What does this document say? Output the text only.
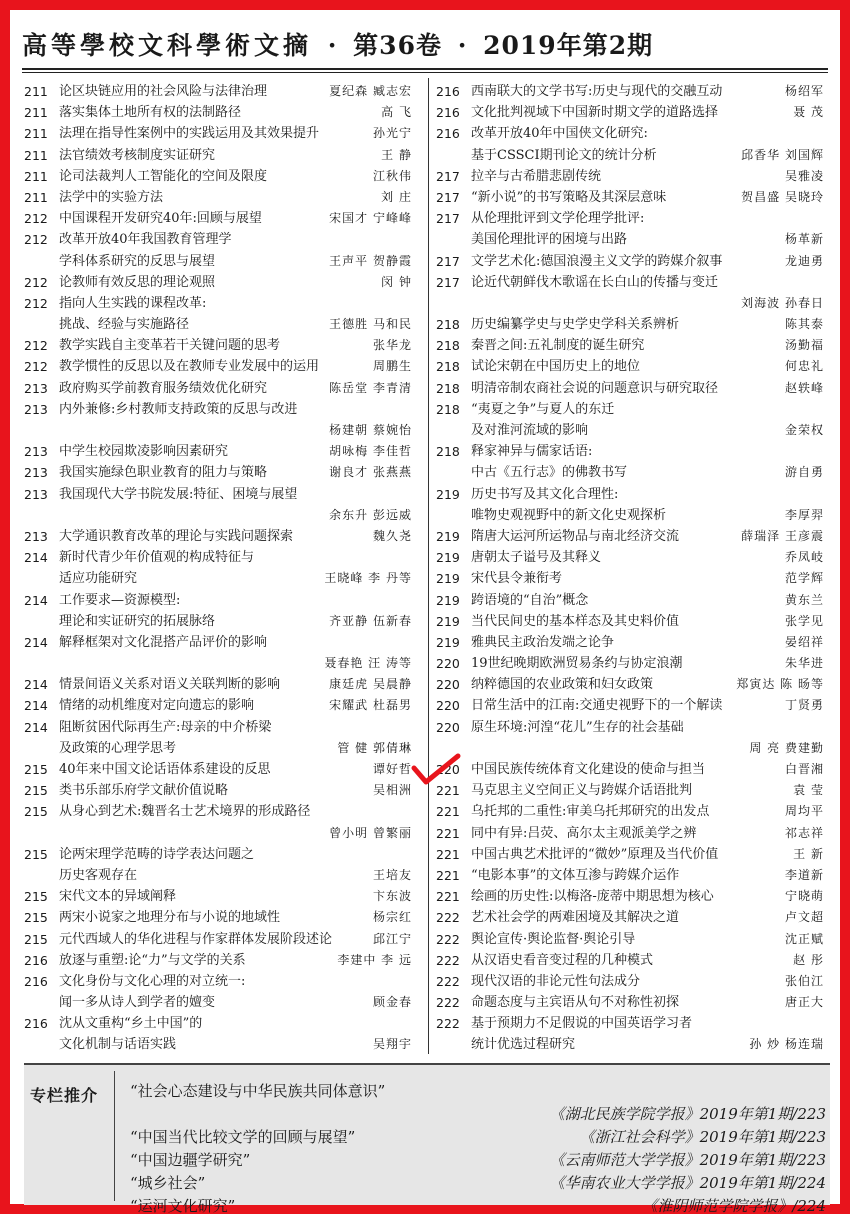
高等學校文科學術文摘 · 第36卷 · 2019年第2期
211 论区块链应用的社会风险与法律治理	夏纪森 臧志宏
211 落实集体土地所有权的法制路径	高 飞
211 法理在指导性案例中的实践运用及其效果提升	孙光宁
211 法官绩效考核制度实证研究	王 静
211 论司法裁判人工智能化的空间及限度	江秋伟
211 法学中的实验方法	刘 庄
212 中国课程开发研究40年:回顾与展望	宋国才 宁峰峰
212 改革开放40年我国教育管理学
学科体系研究的反思与展望	王声平 贺静霞
212 论教师有效反思的理论观照	闵 钟
212 指向人生实践的课程改革:
挑战、经验与实施路径	王德胜 马和民
212 教学实践自主变革若干关键问题的思考	张华龙
212 教学惯性的反思以及在教师专业发展中的运用	周鹏生
213 政府购买学前教育服务绩效优化研究	陈岳堂 李青清
213 内外兼修:乡村教师支持政策的反思与改进
杨建朝 蔡婉怡
213 中学生校园欺凌影响因素研究	胡咏梅 李佳哲
213 我国实施绿色职业教育的阻力与策略	谢良才 张燕燕
213 我国现代大学书院发展:特征、困境与展望
余东升 彭远威
213 大学通识教育改革的理论与实践问题探索	魏久尧
214 新时代青少年价值观的构成特征与
适应功能研究	王晓峰 李 丹等
214 工作要求—资源模型:
理论和实证研究的拓展脉络	齐亚静 伍新春
214 解释框架对文化混搭产品评价的影响
聂春艳 汪 涛等
214 情景间语义关系对语义关联判断的影响	康廷虎 吴晨静
214 情绪的动机维度对定向遗忘的影响	宋耀武 杜磊男
214 阻断贫困代际再生产:母亲的中介桥梁
及政策的心理学思考	管 健 郭倩琳
215 40年来中国文论话语体系建设的反思	谭好哲
215 类书乐部乐府学文献价值说略	吴相洲
215 从身心到艺术:魏晋名士艺术境界的形成路径
曾小明 曾繁丽
215 论两宋理学范畴的诗学表达问题之
历史客观存在	王培友
215 宋代文本的异域阐释	卞东波
215 两宋小说家之地理分布与小说的地域性	杨宗红
215 元代西域人的华化进程与作家群体发展阶段述论	邱江宁
216 放逐与重塑:论“力”与文学的关系	李建中 李 远
216 文化身份与文化心理的对立统一:
闻一多从诗人到学者的嬗变	顾金春
216 沈从文重构“乡土中国”的
文化机制与话语实践	吴翔宇
216 西南联大的文学书写:历史与现代的交融互动	杨绍军
216 文化批判视域下中国新时期文学的道路选择	聂 茂
216 改革开放40年中国侠文化研究:
基于CSSCI期刊论文的统计分析	邱香华 刘国辉
217 拉辛与古希腊悲剧传统	吴雅凌
217 “新小说”的书写策略及其深层意味	贺昌盛 吴晓玲
217 从伦理批评到文学伦理学批评:
美国伦理批评的困境与出路	杨革新
217 文学艺术化:德国浪漫主义文学的跨媒介叙事	龙迪勇
217 论近代朝鲜伐木歌谣在长白山的传播与变迁
刘海波 孙春日
218 历史编纂学史与史学史学科关系辨析	陈其泰
218 秦晋之间:五礼制度的诞生研究	汤勤福
218 试论宋朝在中国历史上的地位	何忠礼
218 明清帝制农商社会说的问题意识与研究取径	赵轶峰
218 “夷夏之争”与夏人的东迁
及对淮河流域的影响	金荣权
218 释家神异与儒家话语:
中古《五行志》的佛教书写	游自勇
219 历史书写及其文化合理性:
唯物史观视野中的新文化史观探析	李厚羿
219 隋唐大运河所运物品与南北经济交流	薛瑞泽 王彦震
219 唐朝太子谥号及其释义	乔凤岐
219 宋代县令兼衔考	范学辉
219 跨语境的“自治”概念	黄东兰
219 当代民间史的基本样态及其史料价值	张学见
219 雅典民主政治发端之论争	晏绍祥
220 19世纪晚期欧洲贸易条约与协定浪潮	朱华进
220 纳粹德国的农业政策和妇女政策	郑寅达 陈 旸等
220 日常生活中的江南:交通史视野下的一个解读	丁贤勇
220 原生环境:河湟“花儿”生存的社会基础
周 亮 费建勤
220 中国民族传统体育文化建设的使命与担当	白晋湘
221 马克思主义空间正义与跨媒介话语批判	袁 莹
221 乌托邦的二重性:审美乌托邦研究的出发点	周均平
221 同中有异:吕荧、高尔太主观派美学之辨	祁志祥
221 中国古典艺术批评的“微妙”原理及当代价值	王 新
221 “电影本事”的文体互渗与跨媒介运作	李道新
221 绘画的历史性:以梅洛-庞蒂中期思想为核心	宁晓萌
222 艺术社会学的两难困境及其解决之道	卢文超
222 舆论宣传·舆论监督·舆论引导	沈正赋
222 从汉语史看音变过程的几种模式	赵 彤
222 现代汉语的非论元性句法成分	张伯江
222 命题态度与主宾语从句不对称性初探	唐正大
222 基于预期力不足假说的中国英语学习者
统计优选过程研究	孙 炒 杨连瑞
专栏推介 “社会心态建设与中华民族共同体意识”
《湖北民族学院学报》2019年第1期/223
“中国当代比较文学的回顾与展望”	《浙江社会科学》2019年第1期/223
“中国边疆学研究”	《云南师范大学学报》2019年第1期/223
“城乡社会”	《华南农业大学学报》2019年第1期/224
“运河文化研究”	《淮阴师范学院学报》/224
